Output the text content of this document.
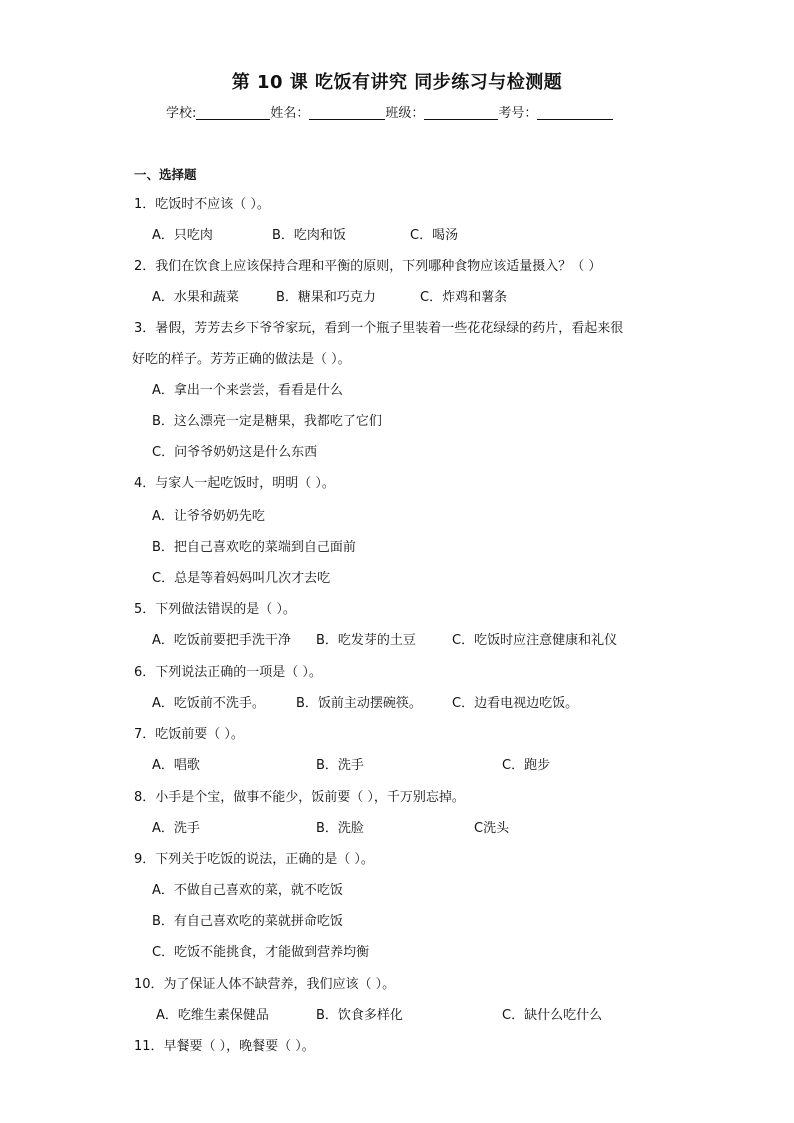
第 10 课 吃饭有讲究 同步练习与检测题
学校:	姓名：	班级：	考号：
一、选择题
1．吃饭时不应该（ ）。
A．只吃肉	B．吃肉和饭	C．喝汤
2．我们在饮食上应该保持合理和平衡的原则，下列哪种食物应该适量摄入？（ ）
A．水果和蔬菜	B．糖果和巧克力	C．炸鸡和薯条
3．暑假，芳芳去乡下爷爷家玩，看到一个瓶子里装着一些花花绿绿的药片，看起来很
好吃的样子。芳芳正确的做法是（ ）。
A．拿出一个来尝尝，看看是什么
B．这么漂亮一定是糖果，我都吃了它们
C．问爷爷奶奶这是什么东西
4．与家人一起吃饭时，明明（ ）。
A．让爷爷奶奶先吃
B．把自己喜欢吃的菜端到自己面前
C．总是等着妈妈叫几次才去吃
5．下列做法错误的是（ ）。
A．吃饭前要把手洗干净 B．吃发芽的土豆	C．吃饭时应注意健康和礼仪
6．下列说法正确的一项是（ ）。
A．吃饭前不洗手。 B．饭前主动摆碗筷。 C．边看电视边吃饭。
7．吃饭前要（ ）。
A．唱歌	B．洗手	C．跑步
8．小手是个宝，做事不能少，饭前要（ ），千万别忘掉。
A．洗手	B．洗脸	C洗头
9．下列关于吃饭的说法，正确的是（ ）。
A．不做自己喜欢的菜，就不吃饭
B．有自己喜欢吃的菜就拼命吃饭
C．吃饭不能挑食，才能做到营养均衡
10．为了保证人体不缺营养，我们应该（ ）。
A．吃维生素保健品	B．饮食多样化	C．缺什么吃什么
11．早餐要（ ），晚餐要（ ）。
